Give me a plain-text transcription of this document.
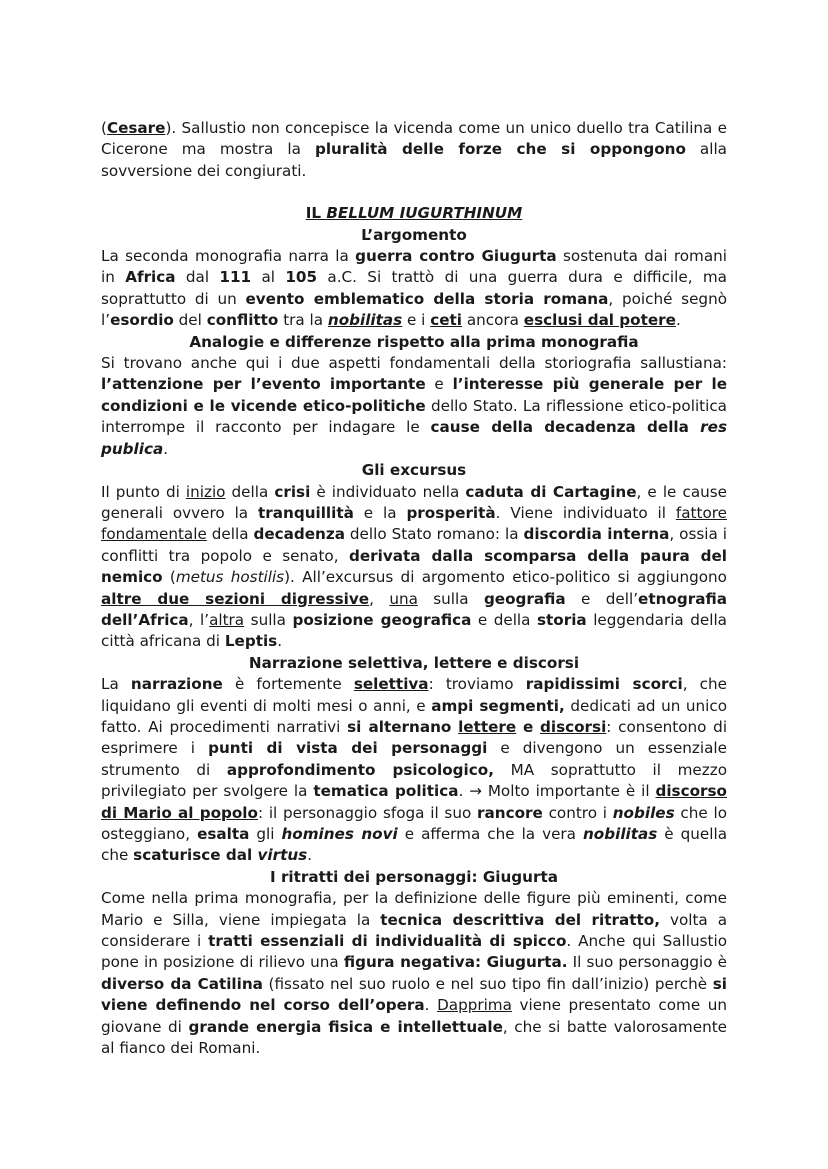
(Cesare). Sallustio non concepisce la vicenda come un unico duello tra Catilina e Cicerone ma mostra la pluralità delle forze che si oppongono alla sovversione dei congiurati.

IL BELLUM IUGURTHINUM
L’argomento

La seconda monografia narra la guerra contro Giugurta sostenuta dai romani in Africa dal 111 al 105 a.C. Si trattò di una guerra dura e difficile, ma soprattutto di un evento emblematico della storia romana, poiché segnò l’esordio del conflitto tra la nobilitas e i ceti ancora esclusi dal potere.

Analogie e differenze rispetto alla prima monografia

Si trovano anche qui i due aspetti fondamentali della storiografia sallustiana: l’attenzione per l’evento importante e l’interesse più generale per le condizioni e le vicende etico-politiche dello Stato. La riflessione etico-politica interrompe il racconto per indagare le cause della decadenza della res publica.

Gli excursus

Il punto di inizio della crisi è individuato nella caduta di Cartagine, e le cause generali ovvero la tranquillità e la prosperità. Viene individuato il fattore fondamentale della decadenza dello Stato romano: la discordia interna, ossia i conflitti tra popolo e senato, derivata dalla scomparsa della paura del nemico (metus hostilis). All’excursus di argomento etico-politico si aggiungono altre due sezioni digressive, una sulla geografia e dell’etnografia dell’Africa, l’altra sulla posizione geografica e della storia leggendaria della città africana di Leptis.

Narrazione selettiva, lettere e discorsi

La narrazione è fortemente selettiva: troviamo rapidissimi scorci, che liquidano gli eventi di molti mesi o anni, e ampi segmenti, dedicati ad un unico fatto. Ai procedimenti narrativi si alternano lettere e discorsi: consentono di esprimere i punti di vista dei personaggi e divengono un essenziale strumento di approfondimento psicologico, MA soprattutto il mezzo privilegiato per svolgere la tematica politica. → Molto importante è il discorso di Mario al popolo: il personaggio sfoga il suo rancore contro i nobiles che lo osteggiano, esalta gli homines novi e afferma che la vera nobilitas è quella che scaturisce dal virtus.

I ritratti dei personaggi: Giugurta

Come nella prima monografia, per la definizione delle figure più eminenti, come Mario e Silla, viene impiegata la tecnica descrittiva del ritratto, volta a considerare i tratti essenziali di individualità di spicco. Anche qui Sallustio pone in posizione di rilievo una figura negativa: Giugurta. Il suo personaggio è diverso da Catilina (fissato nel suo ruolo e nel suo tipo fin dall’inizio) perchè si viene definendo nel corso dell’opera. Dapprima viene presentato come un giovane di grande energia fisica e intellettuale, che si batte valorosamente al fianco dei Romani.
